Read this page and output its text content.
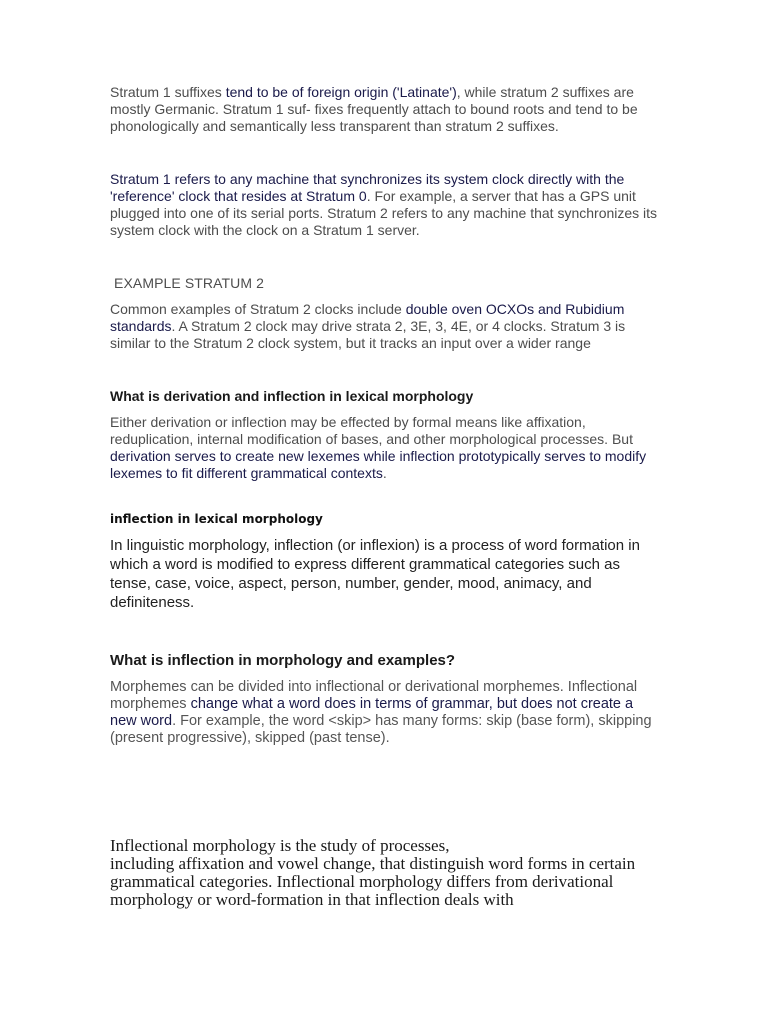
Stratum 1 suffixes tend to be of foreign origin ('Latinate'), while stratum 2 suffixes are mostly Germanic. Stratum 1 suf- fixes frequently attach to bound roots and tend to be phonologically and semantically less transparent than stratum 2 suffixes.

Stratum 1 refers to any machine that synchronizes its system clock directly with the 'reference' clock that resides at Stratum 0. For example, a server that has a GPS unit plugged into one of its serial ports. Stratum 2 refers to any machine that synchronizes its system clock with the clock on a Stratum 1 server.

EXAMPLE STRATUM 2

Common examples of Stratum 2 clocks include double oven OCXOs and Rubidium standards. A Stratum 2 clock may drive strata 2, 3E, 3, 4E, or 4 clocks. Stratum 3 is similar to the Stratum 2 clock system, but it tracks an input over a wider range

What is derivation and inflection in lexical morphology

Either derivation or inflection may be effected by formal means like affixation, reduplication, internal modification of bases, and other morphological processes. But derivation serves to create new lexemes while inflection prototypically serves to modify lexemes to fit different grammatical contexts.

inflection in lexical morphology

In linguistic morphology, inflection (or inflexion) is a process of word formation in which a word is modified to express different grammatical categories such as tense, case, voice, aspect, person, number, gender, mood, animacy, and definiteness.

What is inflection in morphology and examples?

Morphemes can be divided into inflectional or derivational morphemes. Inflectional morphemes change what a word does in terms of grammar, but does not create a new word. For example, the word <skip> has many forms: skip (base form), skipping (present progressive), skipped (past tense).

Inflectional morphology is the study of processes,
including affixation and vowel change, that distinguish word forms in certain grammatical categories. Inflectional morphology differs from derivational morphology or word-formation in that inflection deals with
